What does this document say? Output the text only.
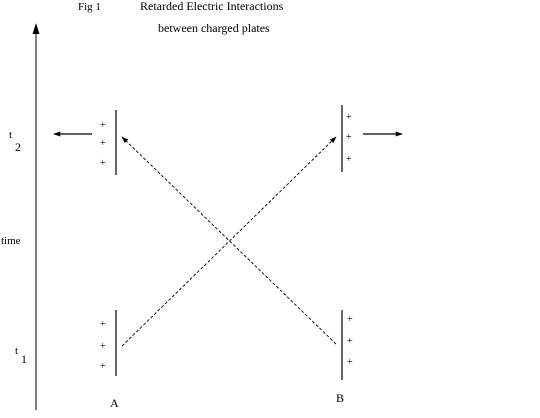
Fig 1	Retarded Electric Interactions
between charged plates
t
2
time
t
1
+
+
+
+
+
+
+
+
+
+
+
+
A	B
